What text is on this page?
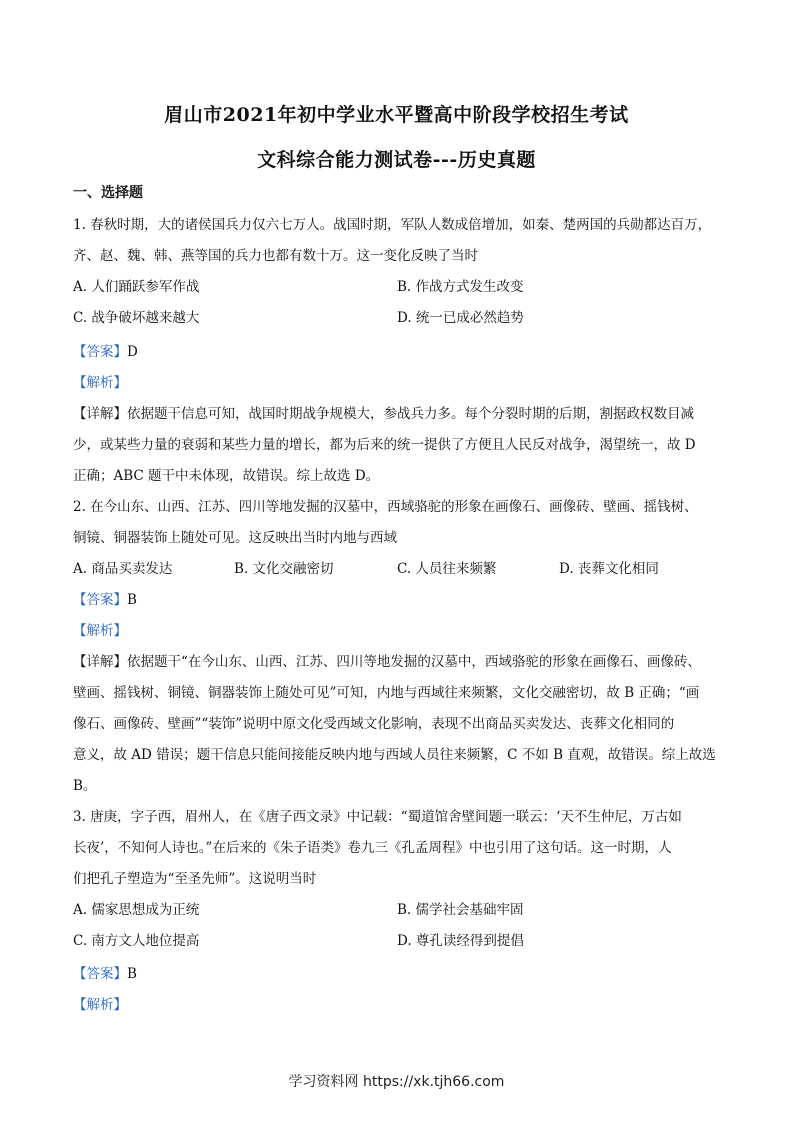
眉山市2021年初中学业水平暨高中阶段学校招生考试
文科综合能力测试卷---历史真题
一、选择题
1. 春秋时期，大的诸侯国兵力仅六七万人。战国时期，军队人数成倍增加，如秦、楚两国的兵勋都达百万，
齐、赵、魏、韩、燕等国的兵力也都有数十万。这一变化反映了当时
A. 人们踊跃参军作战	B. 作战方式发生改变
C. 战争破坏越来越大	D. 统一已成必然趋势
【答案】D
【解析】
【详解】依据题干信息可知，战国时期战争规模大，参战兵力多。每个分裂时期的后期，割据政权数目减
少，或某些力量的衰弱和某些力量的增长，都为后来的统一提供了方便且人民反对战争，渴望统一，故 D
正确；ABC 题干中未体现，故错误。综上故选 D。
2. 在今山东、山西、江苏、四川等地发掘的汉墓中，西域骆驼的形象在画像石、画像砖、壁画、摇钱树、
铜镜、铜器装饰上随处可见。这反映出当时内地与西域
A. 商品买卖发达	B. 文化交融密切	C. 人员往来频繁	D. 丧葬文化相同
【答案】B
【解析】
【详解】依据题干“在今山东、山西、江苏、四川等地发掘的汉墓中，西域骆驼的形象在画像石、画像砖、
壁画、摇钱树、铜镜、铜器装饰上随处可见”可知，内地与西域往来频繁，文化交融密切，故 B 正确；“画
像石、画像砖、壁画”“装饰”说明中原文化受西域文化影响，表现不出商品买卖发达、丧葬文化相同的
意义，故 AD 错误；题干信息只能间接能反映内地与西域人员往来频繁，C 不如 B 直观，故错误。综上故选
B。
3. 唐庚，字子西，眉州人，在《唐子西文录》中记载：“蜀道馆舍壁间题一联云：‘天不生仲尼，万古如
长夜’，不知何人诗也。”在后来的《朱子语类》卷九三《孔孟周程》中也引用了这句话。这一时期，人
们把孔子塑造为“至圣先师”。这说明当时
A. 儒家思想成为正统	B. 儒学社会基础牢固
C. 南方文人地位提高	D. 尊孔读经得到提倡
【答案】B
【解析】
学习资料网 https://xk.tjh66.com
